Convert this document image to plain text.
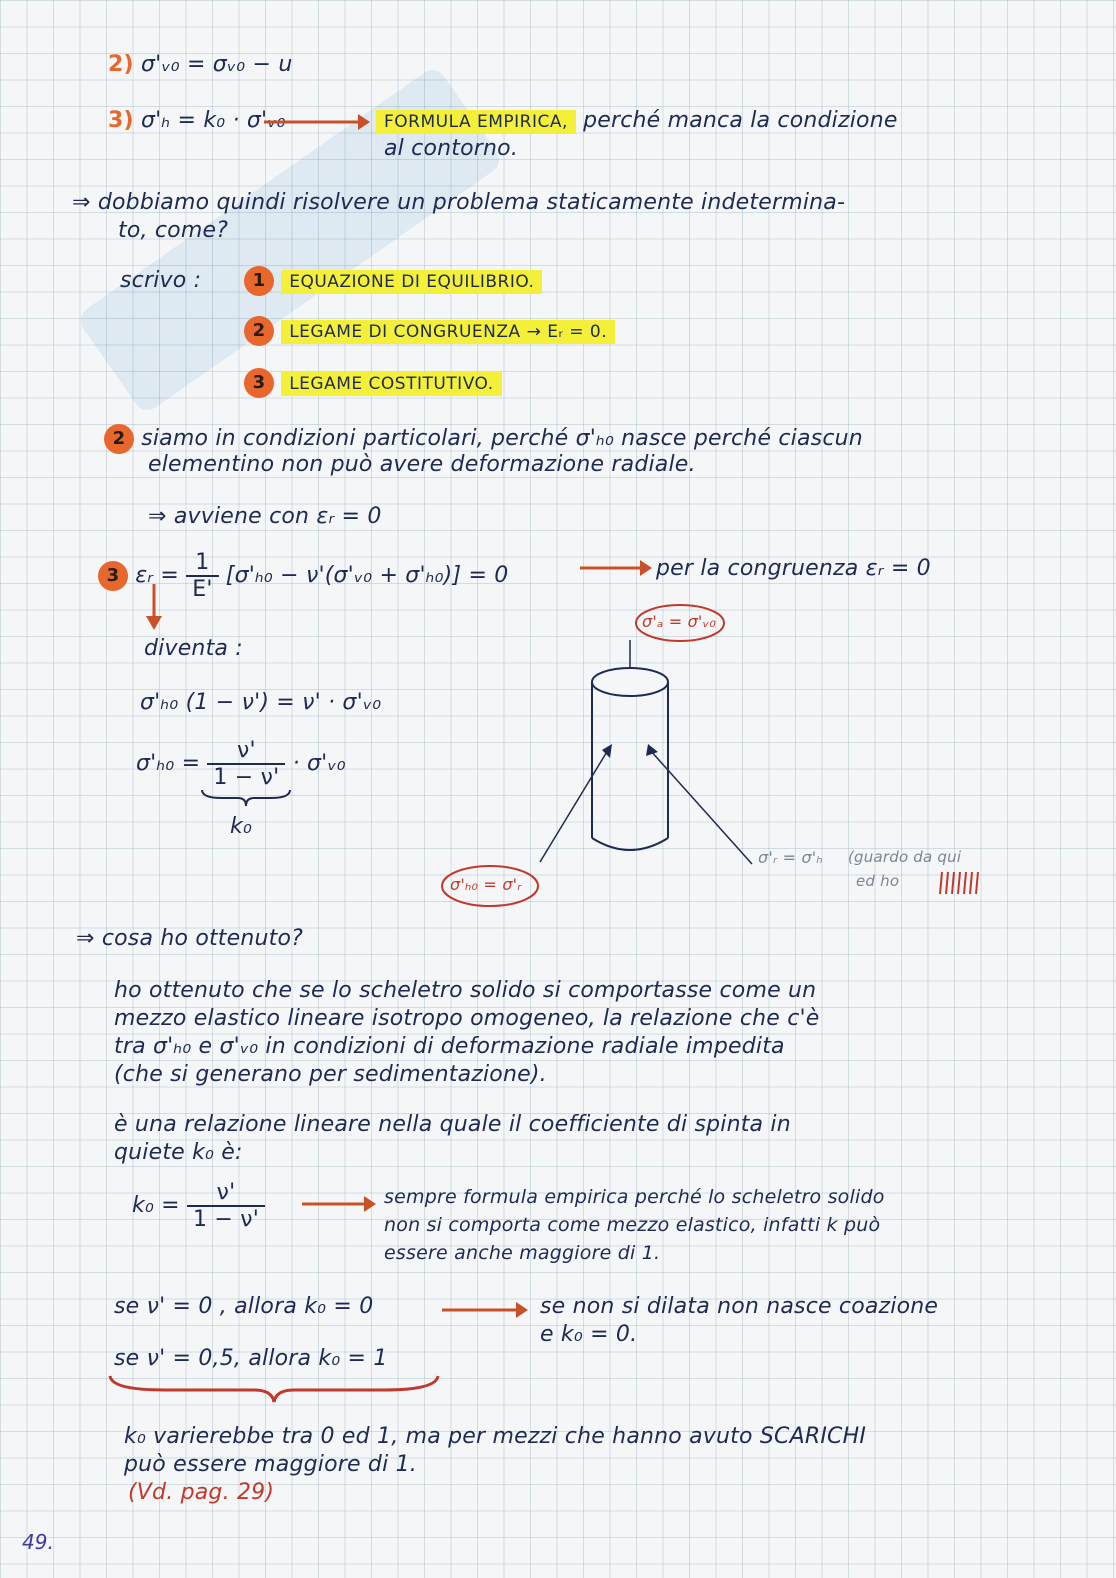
2) σ'ᵥ₀ = σᵥ₀ − u
3) σ'ₕ = k₀ · σ'ᵥ₀	FORMULA EMPIRICA, perché manca la condizione
al contorno.
⇒ dobbiamo quindi risolvere un problema staticamente indetermina-
to, come?
scrivo :	1 EQUAZIONE DI EQUILIBRIO.
2 LEGAME DI CONGRUENZA → Εᵣ = 0.
3 LEGAME COSTITUTIVO.
2 siamo in condizioni particolari, perché σ'ₕ₀ nasce perché ciascun
elementino non può avere deformazione radiale.
⇒ avviene con εᵣ = 0
3 εᵣ = $\frac{1}{E'} [\sigma'_{h0}$ − ν'(σ'ᵥ₀ + σ'ₕ₀)] = 0	per la congruenza εᵣ = 0
diventa :
σ'ₕ₀ (1 − ν') = ν' · σ'ᵥ₀
$\sigma'_{h0} = \frac{\nu'}{1 - \nu'}$ · σ'ᵥ₀
k₀
σ'ₐ = σ'ᵥ₀
σ'ₕ₀ = σ'ᵣ
σ'ᵣ = σ'ₕ (guardo da qui
ed ho
⇒ cosa ho ottenuto?
ho ottenuto che se lo scheletro solido si comportasse come un
mezzo elastico lineare isotropo omogeneo, la relazione che c'è
tra σ'ₕ₀ e σ'ᵥ₀ in condizioni di deformazione radiale impedita
(che si generano per sedimentazione).
è una relazione lineare nella quale il coefficiente di spinta in
quiete k₀ è:
$k_0 = \frac{\nu'}{1 - \nu'}$	sempre formula empirica perché lo scheletro solido
non si comporta come mezzo elastico, infatti k può
essere anche maggiore di 1.
se ν' = 0 , allora k₀ = 0	se non si dilata non nasce coazione
e k₀ = 0.
se ν' = 0,5, allora k₀ = 1
k₀ varierebbe tra 0 ed 1, ma per mezzi che hanno avuto SCARICHI
può essere maggiore di 1.
(Vd. pag. 29)
49.
